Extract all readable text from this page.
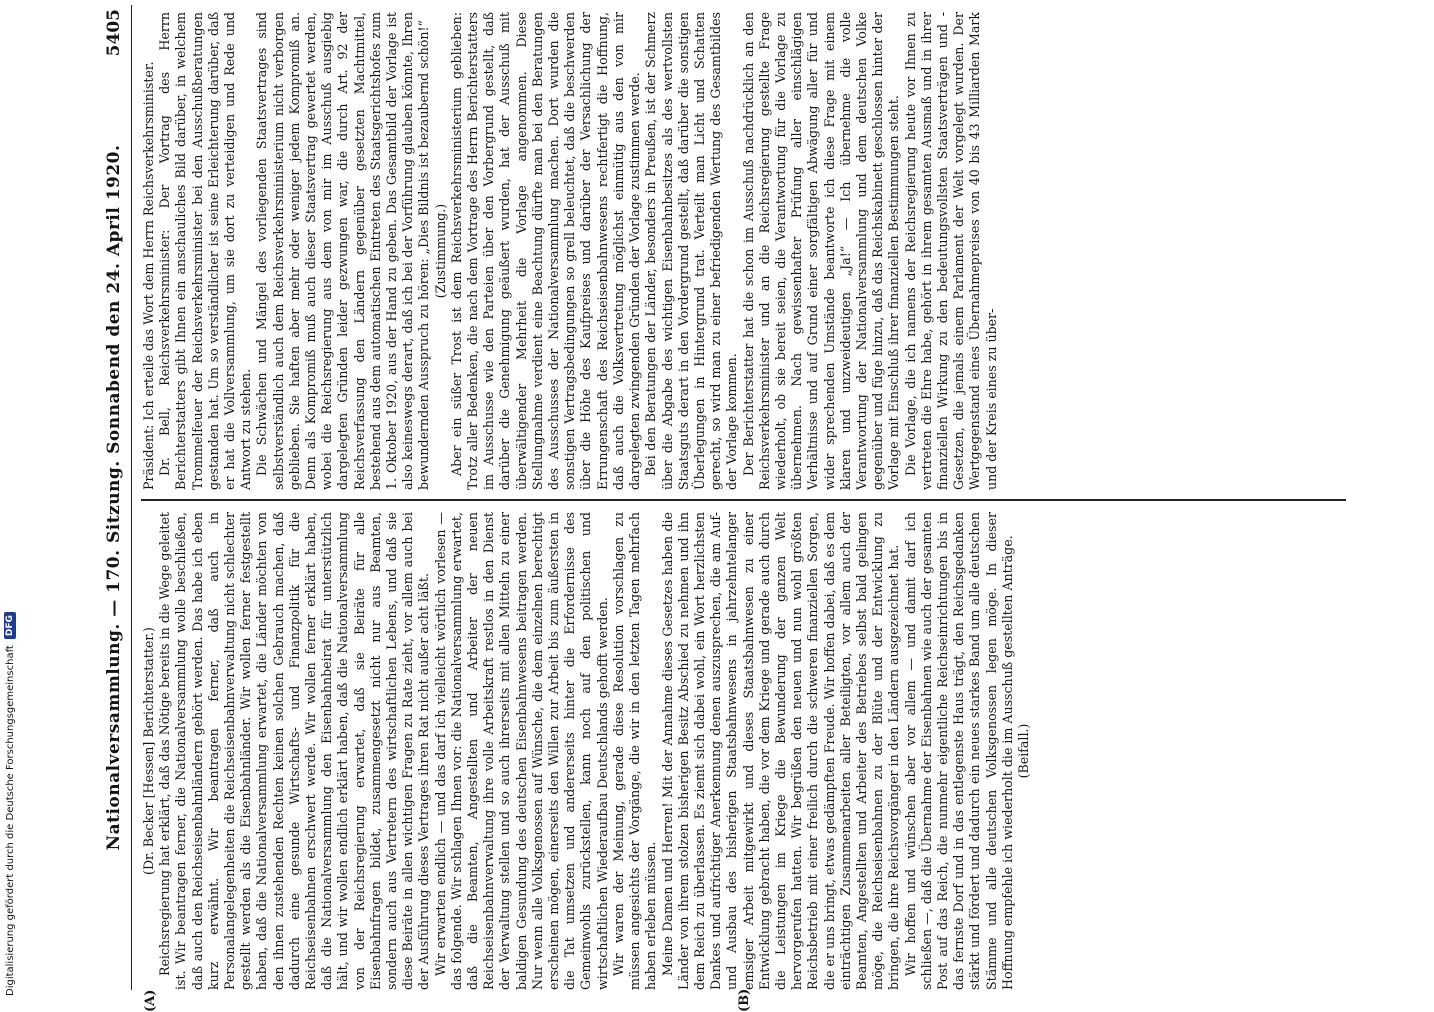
Digitalisierung gefördert durch die Deutsche Forschungsgemeinschaft
DFG	Nationalversammlung. — 170. Sitzung. Sonnabend den 24. April 1920.
5405
(A)	(B)

(Dr. Becker [Hessen] Berichterstatter.) Reichsregierung hat erklärt, daß das Nötige bereits in die Wege geleitet ist. Wir beantragen ferner, die Nationalversammlung wolle beschließen, daß auch den Reichseisenbahnländern gehört werden. Das habe ich eben kurz erwähnt. Wir beantragen ferner, daß auch in Personalangelegenheiten die Reichseisenbahnverwaltung nicht schlechter gestellt werden als die Eisenbahnländer. Wir wollen ferner festgestellt haben, daß die Nationalversammlung erwartet, die Länder möchten von den ihnen zustehenden Rechten keinen solchen Gebrauch machen, daß dadurch eine gesunde Wirtschafts- und Finanzpolitik für die Reichseisenbahnen erschwert werde. Wir wollen ferner erklärt haben, daß die Nationalversammlung den Eisenbahnbeirat für unterstützlich hält, und wir wollen endlich erklärt haben, daß die Nationalversammlung von der Reichsregierung erwartet, daß sie Beiräte für alle Eisenbahnfragen bildet, zusammengesetzt nicht nur aus Beamten, sondern auch aus Vertretern des wirtschaftlichen Lebens, und daß sie diese Beiräte in allen wichtigen Fragen zu Rate zieht, vor allem auch bei der Ausführung dieses Vertrages ihren Rat nicht außer acht läßt. Wir erwarten endlich — und das darf ich vielleicht wörtlich vorlesen — das folgende. Wir schlagen Ihnen vor: die Nationalversammlung erwartet, daß die Beamten, Angestellten und Arbeiter der neuen Reichseisenbahnverwaltung ihre volle Arbeitskraft restlos in den Dienst der Verwaltung stellen und so auch ihrerseits mit allen Mitteln zu einer baldigen Gesundung des deutschen Eisenbahnwesens beitragen werden. Nur wenn alle Volksgenossen auf Wünsche, die dem einzelnen berechtigt erscheinen mögen, einerseits den Willen zur Arbeit bis zum äußersten in die Tat umsetzen und andererseits hinter die Erfordernisse des Gemeinwohls zurückstellen, kann noch auf den politischen und wirtschaftlichen Wiederaufbau Deutschlands gehofft werden. Wir waren der Meinung, gerade diese Resolution vorschlagen zu müssen angesichts der Vorgänge, die wir in den letzten Tagen mehrfach haben erleben müssen. Meine Damen und Herren! Mit der Annahme dieses Gesetzes haben die Länder von ihrem stolzen bisherigen Besitz Abschied zu nehmen und ihn dem Reich zu überlassen. Es ziemt sich dabei wohl, ein Wort herzlichsten Dankes und aufrichtiger Anerkennung denen auszusprechen, die am Auf- und Ausbau des bisherigen Staatsbahnwesens in jahrzehntelanger emsiger Arbeit mitgewirkt und dieses Staatsbahnwesen zu einer Entwicklung gebracht haben, die vor dem Kriege und gerade auch durch die Leistungen im Kriege die Bewunderung der ganzen Welt hervorgerufen hatten. Wir begrüßen den neuen und nun wohl größten Reichsbetrieb mit einer freilich durch die schweren finanziellen Sorgen, die er uns bringt, etwas gedämpften Freude. Wir hoffen dabei, daß es dem einträchtigen Zusammenarbeiten aller Beteiligten, vor allem auch der Beamten, Angestellten und Arbeiter des Betriebes selbst bald gelingen möge, die Reichseisenbahnen zu der Blüte und der Entwicklung zu bringen, die ihre Reichsvorgänger in den Ländern ausgezeichnet hat. Wir hoffen und wünschen aber vor allem — und damit darf ich schließen —, daß die Übernahme der Eisenbahnen wie auch der gesamten Post auf das Reich, die nunmehr eigentliche Reichseinrichtungen bis in das fernste Dorf und in das entlegenste Haus trägt, den Reichsgedanken stärkt und fördert und dadurch ein neues starkes Band um alle deutschen Stämme und alle deutschen Volksgenossen legen möge. In dieser Hoffnung empfehle ich wiederholt die im Ausschuß gestellten Anträge. (Beifall.)

Präsident: Ich erteile das Wort dem Herrn Reichsverkehrsminister. Dr. Bell, Reichsverkehrsminister: Der Vortrag des Herrn Berichterstatters gibt Ihnen ein anschauliches Bild darüber, in welchem Trommelfeuer der Reichsverkehrsminister bei den Ausschußberatungen gestanden hat. Um so verständlicher ist seine Erleichterung darüber, daß er hat die Vollversammlung, um sie dort zu verteidigen und Rede und Antwort zu stehen. Die Schwächen und Mängel des vorliegenden Staatsvertrages sind selbstverständlich auch dem Reichsverkehrsministerium nicht verborgen geblieben. Sie haften aber mehr oder weniger jedem Kompromiß an. Denn als Kompromiß muß auch dieser Staatsvertrag gewertet werden, wobei die Reichsregierung aus dem von mir im Ausschuß ausgiebig dargelegten Gründen leider gezwungen war, die durch Art. 92 der Reichsverfassung den Ländern gegenüber gesetzten Machtmittel, bestehend aus dem automatischen Eintreten des Staatsgerichtshofes zum 1. Oktober 1920, aus der Hand zu geben. Das Gesamtbild der Vorlage ist also keineswegs derart, daß ich bei der Vorführung glauben könnte, Ihren bewundernden Ausspruch zu hören: „Dies Bildnis ist bezaubernd schön!“ (Zustimmung.) Aber ein süßer Trost ist dem Reichsverkehrsministerium geblieben: Trotz aller Bedenken, die nach dem Vortrage des Herrn Berichterstatters im Ausschusse wie den Parteien über den Vorbergrund gestellt, daß darüber die Genehmigung geäußert wurden, hat der Ausschuß mit überwältigender Mehrheit die Vorlage angenommen. Diese Stellungnahme verdient eine Beachtung dürfte man bei den Beratungen des Ausschusses der Nationalversammlung machen. Dort wurden die sonstigen Vertragsbedingungen so grell beleuchtet, daß die beschwerden über die Höhe des Kaufpreises und darüber der Versachlichung der Errungenschaft des Reichseisenbahnwesens rechtfertigt die Hoffnung, daß auch die Volksvertretung möglichst einmütig aus den von mir dargelegten zwingenden Gründen der Vorlage zustimmen werde. Bei den Beratungen der Länder, besonders in Preußen, ist der Schmerz über die Abgabe des wichtigen Eisenbahnbesitzes als des wertvollsten Staatsguts derart in den Vordergrund gestellt, daß darüber die sonstigen Überlegungen in Hintergrund trat. Verteilt man Licht und Schatten gerecht, so wird man zu einer befriedigenden Wertung des Gesamtbildes der Vorlage kommen. Der Berichterstatter hat die schon im Ausschuß nachdrücklich an den Reichsverkehrsminister und an die Reichsregierung gestellte Frage wiederholt, ob sie bereit seien, die Verantwortung für die Vorlage zu übernehmen. Nach gewissenhafter Prüfung aller einschlägigen Verhältnisse und auf Grund einer sorgfältigen Abwägung aller für und wider sprechenden Umstände beantworte ich diese Frage mit einem klaren und unzweideutigen „Ja!“ — Ich übernehme die volle Verantwortung der Nationalversammlung und dem deutschen Volke gegenüber und füge hinzu, daß das Reichskabinett geschlossen hinter der Vorlage mit Einschluß ihrer finanziellen Bestimmungen steht. Die Vorlage, die ich namens der Reichsregierung heute vor Ihnen zu vertreten die Ehre habe, gehört in ihrem gesamten Ausmaß und in ihrer finanziellen Wirkung zu den bedeutungsvollsten Staatsverträgen und -Gesetzen, die jemals einem Parlament der Welt vorgelegt wurden. Der Wertgegenstand eines Übernahmepreises von 40 bis 43 Milliarden Mark und der Kreis eines zu über-
